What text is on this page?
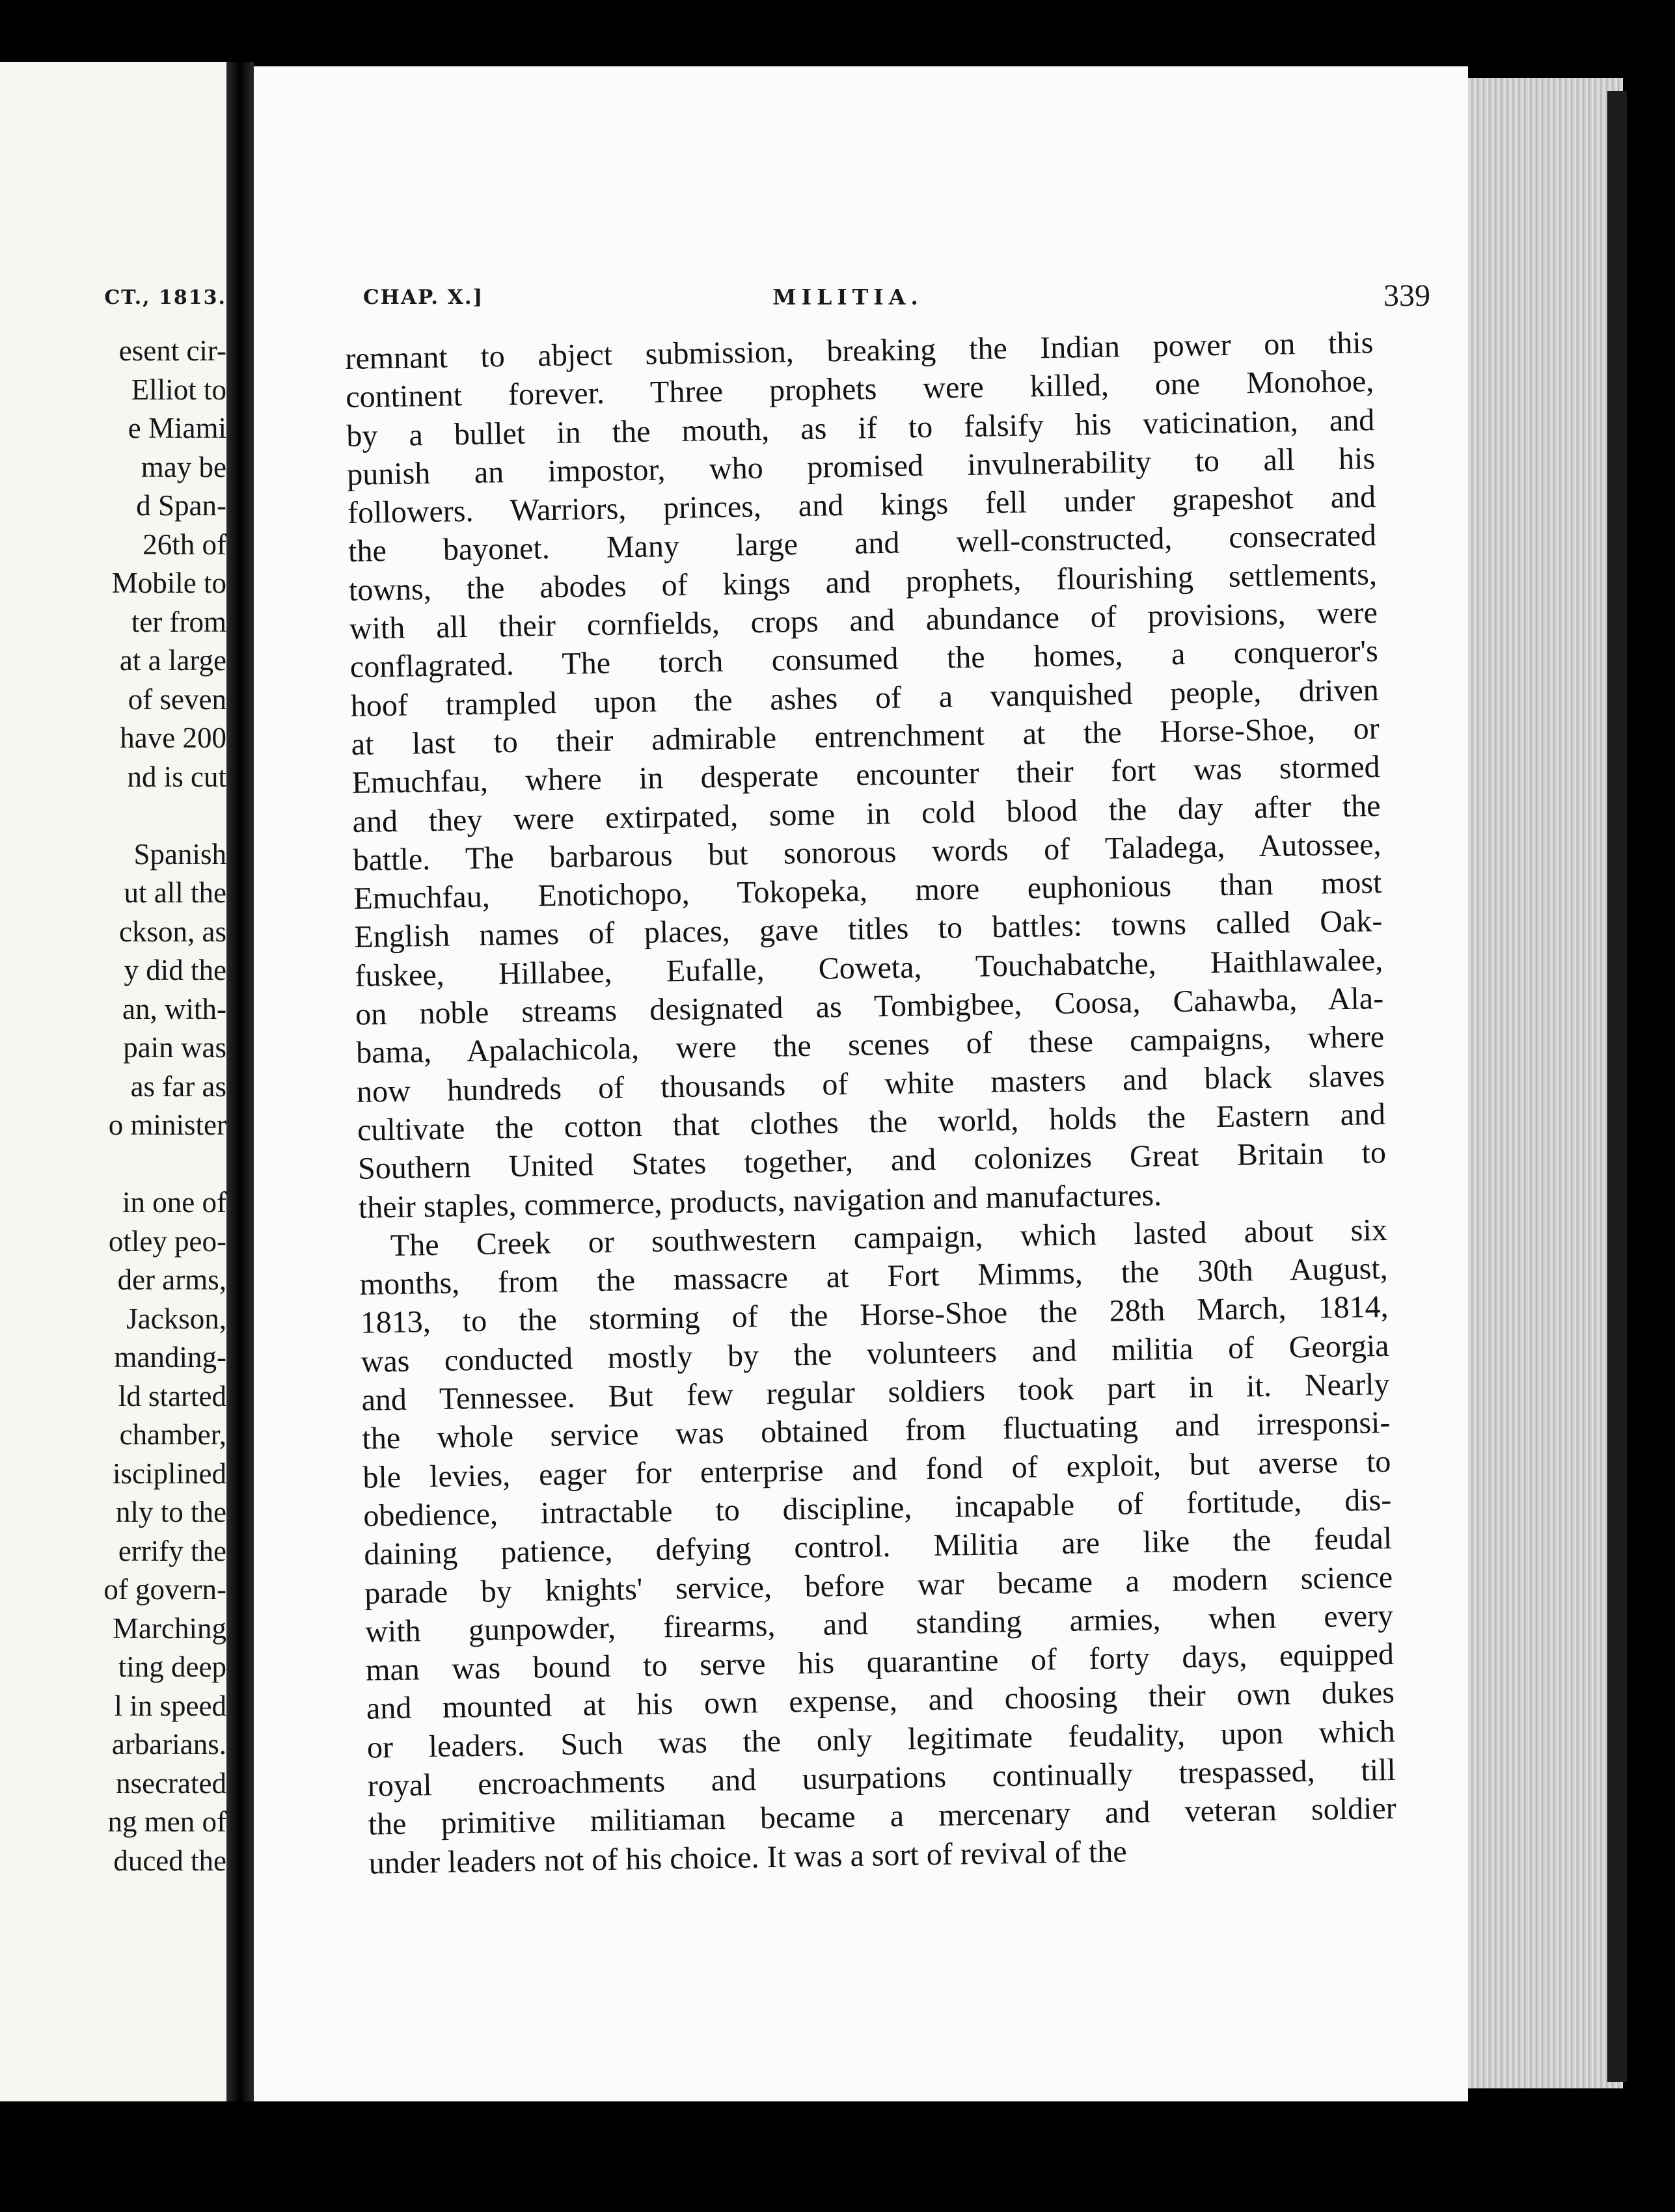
CT., 1813.
esent cir-
Elliot to
e Miami
may be
d Span-
26th of
Mobile to
ter from
at a large
of seven
have 200
nd is cut
Spanish
ut all the
ckson, as
y did the
an, with-
pain was
as far as
o minister
in one of
otley peo-
der arms,
Jackson,
manding-
ld started
chamber,
isciplined
nly to the
errify the
of govern-
Marching
ting deep
l in speed
arbarians.
nsecrated
ng men of
duced the
CHAP. X.]	MILITIA.	339
remnant to abject submission, breaking the Indian power on this
continent forever. Three prophets were killed, one Monohoe,
by a bullet in the mouth, as if to falsify his vaticination, and
punish an impostor, who promised invulnerability to all his
followers. Warriors, princes, and kings fell under grapeshot and
the bayonet. Many large and well-constructed, consecrated
towns, the abodes of kings and prophets, flourishing settlements,
with all their cornfields, crops and abundance of provisions, were
conflagrated. The torch consumed the homes, a conqueror's
hoof trampled upon the ashes of a vanquished people, driven
at last to their admirable entrenchment at the Horse-Shoe, or
Emuchfau, where in desperate encounter their fort was stormed
and they were extirpated, some in cold blood the day after the
battle. The barbarous but sonorous words of Taladega, Autossee,
Emuchfau, Enotichopo, Tokopeka, more euphonious than most
English names of places, gave titles to battles: towns called Oak-
fuskee, Hillabee, Eufalle, Coweta, Touchabatche, Haithlawalee,
on noble streams designated as Tombigbee, Coosa, Cahawba, Ala-
bama, Apalachicola, were the scenes of these campaigns, where
now hundreds of thousands of white masters and black slaves
cultivate the cotton that clothes the world, holds the Eastern and
Southern United States together, and colonizes Great Britain to
their staples, commerce, products, navigation and manufactures.
The Creek or southwestern campaign, which lasted about six
months, from the massacre at Fort Mimms, the 30th August,
1813, to the storming of the Horse-Shoe the 28th March, 1814,
was conducted mostly by the volunteers and militia of Georgia
and Tennessee. But few regular soldiers took part in it. Nearly
the whole service was obtained from fluctuating and irresponsi-
ble levies, eager for enterprise and fond of exploit, but averse to
obedience, intractable to discipline, incapable of fortitude, dis-
daining patience, defying control. Militia are like the feudal
parade by knights' service, before war became a modern science
with gunpowder, firearms, and standing armies, when every
man was bound to serve his quarantine of forty days, equipped
and mounted at his own expense, and choosing their own dukes
or leaders. Such was the only legitimate feudality, upon which
royal encroachments and usurpations continually trespassed, till
the primitive militiaman became a mercenary and veteran soldier
under leaders not of his choice. It was a sort of revival of the
